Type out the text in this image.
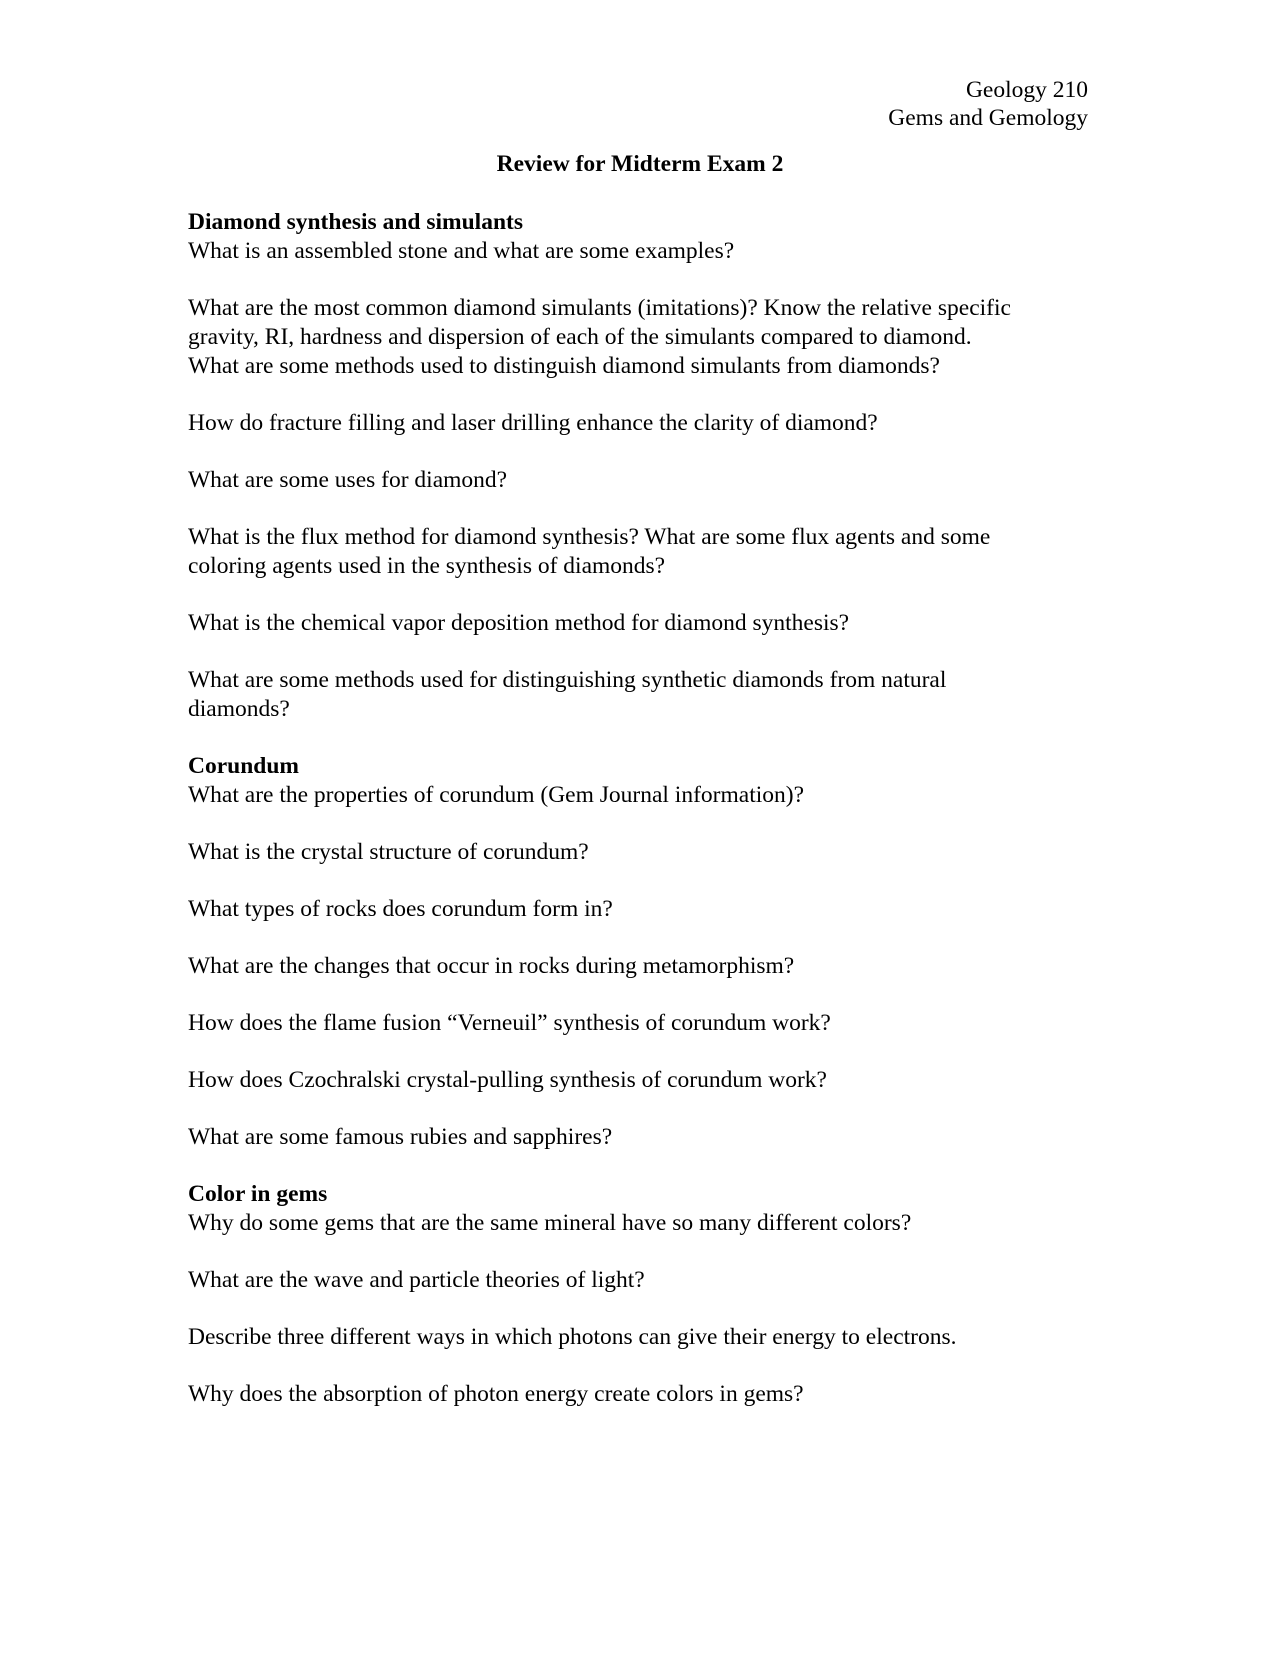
Geology 210
Gems and Gemology
Review for Midterm Exam 2
Diamond synthesis and simulants
What is an assembled stone and what are some examples?
What are the most common diamond simulants (imitations)? Know the relative specific
gravity, RI, hardness and dispersion of each of the simulants compared to diamond.
What are some methods used to distinguish diamond simulants from diamonds?
How do fracture filling and laser drilling enhance the clarity of diamond?
What are some uses for diamond?
What is the flux method for diamond synthesis? What are some flux agents and some
coloring agents used in the synthesis of diamonds?
What is the chemical vapor deposition method for diamond synthesis?
What are some methods used for distinguishing synthetic diamonds from natural
diamonds?
Corundum
What are the properties of corundum (Gem Journal information)?
What is the crystal structure of corundum?
What types of rocks does corundum form in?
What are the changes that occur in rocks during metamorphism?
How does the flame fusion “Verneuil” synthesis of corundum work?
How does Czochralski crystal-pulling synthesis of corundum work?
What are some famous rubies and sapphires?
Color in gems
Why do some gems that are the same mineral have so many different colors?
What are the wave and particle theories of light?
Describe three different ways in which photons can give their energy to electrons.
Why does the absorption of photon energy create colors in gems?
